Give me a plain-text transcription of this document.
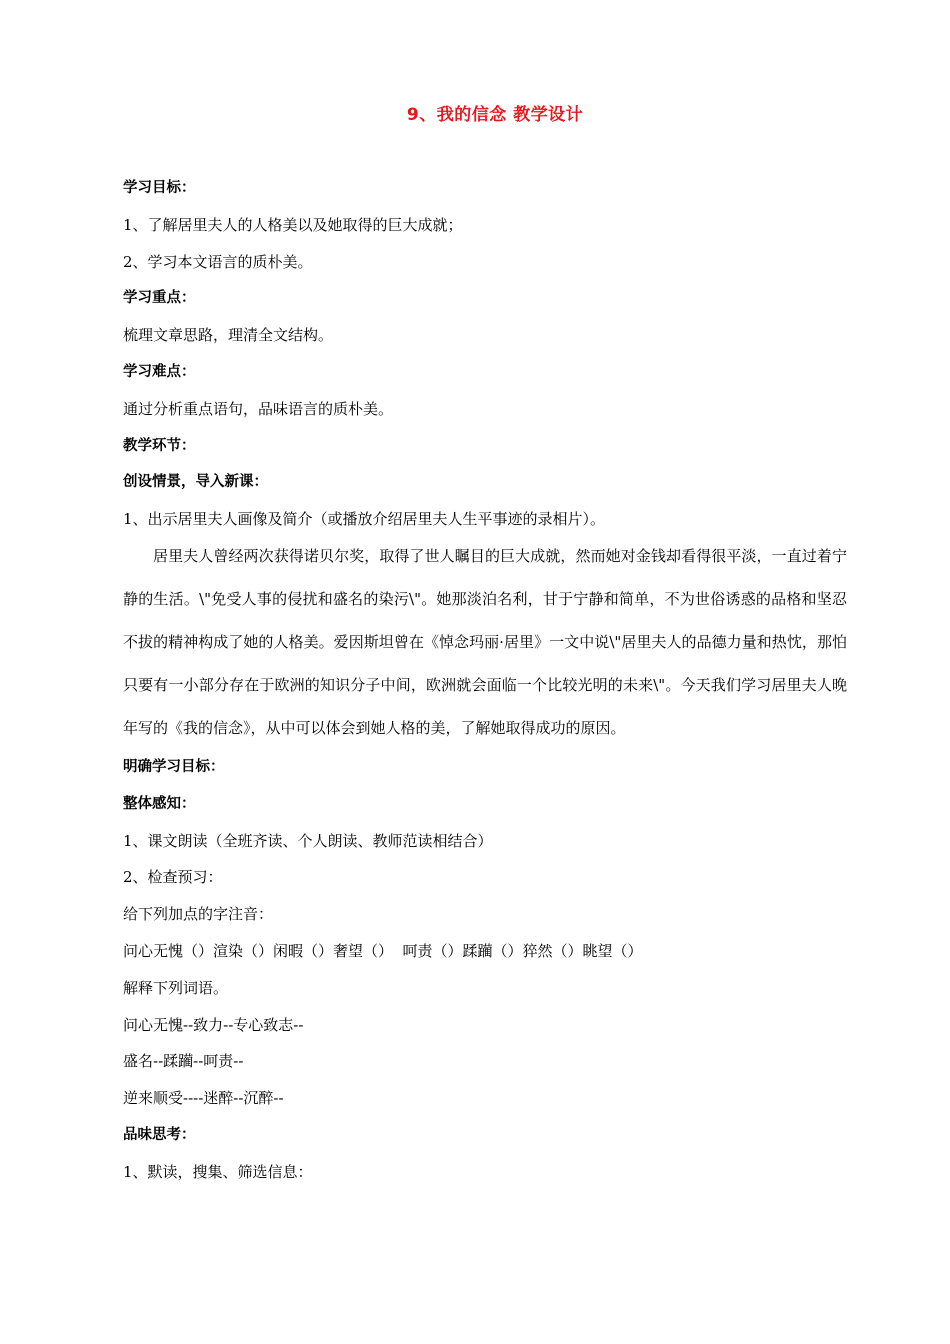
9、我的信念 教学设计
学习目标：
1、了解居里夫人的人格美以及她取得的巨大成就；
2、学习本文语言的质朴美。
学习重点：
梳理文章思路，理清全文结构。
学习难点：
通过分析重点语句，品味语言的质朴美。
教学环节：
创设情景，导入新课：
1、出示居里夫人画像及简介（或播放介绍居里夫人生平事迹的录相片）。
居里夫人曾经两次获得诺贝尔奖，取得了世人瞩目的巨大成就，然而她对金钱却看得很平淡，一直过着宁静的生活。\"免受人事的侵扰和盛名的染污\"。她那淡泊名利，甘于宁静和简单，不为世俗诱惑的品格和坚忍不拔的精神构成了她的人格美。爱因斯坦曾在《悼念玛丽·居里》一文中说\"居里夫人的品德力量和热忱，那怕只要有一小部分存在于欧洲的知识分子中间，欧洲就会面临一个比较光明的未来\"。今天我们学习居里夫人晚年写的《我的信念》，从中可以体会到她人格的美，了解她取得成功的原因。
明确学习目标：
整体感知：
1、课文朗读（全班齐读、个人朗读、教师范读相结合）
2、检查预习：
给下列加点的字注音：
问心无愧（）渲染（）闲暇（）奢望（）  呵责（）蹂躏（）猝然（）眺望（）
解释下列词语。
问心无愧--致力--专心致志--
盛名--蹂躏--呵责--
逆来顺受----迷醉--沉醉--
品味思考：
1、默读，搜集、筛选信息：
